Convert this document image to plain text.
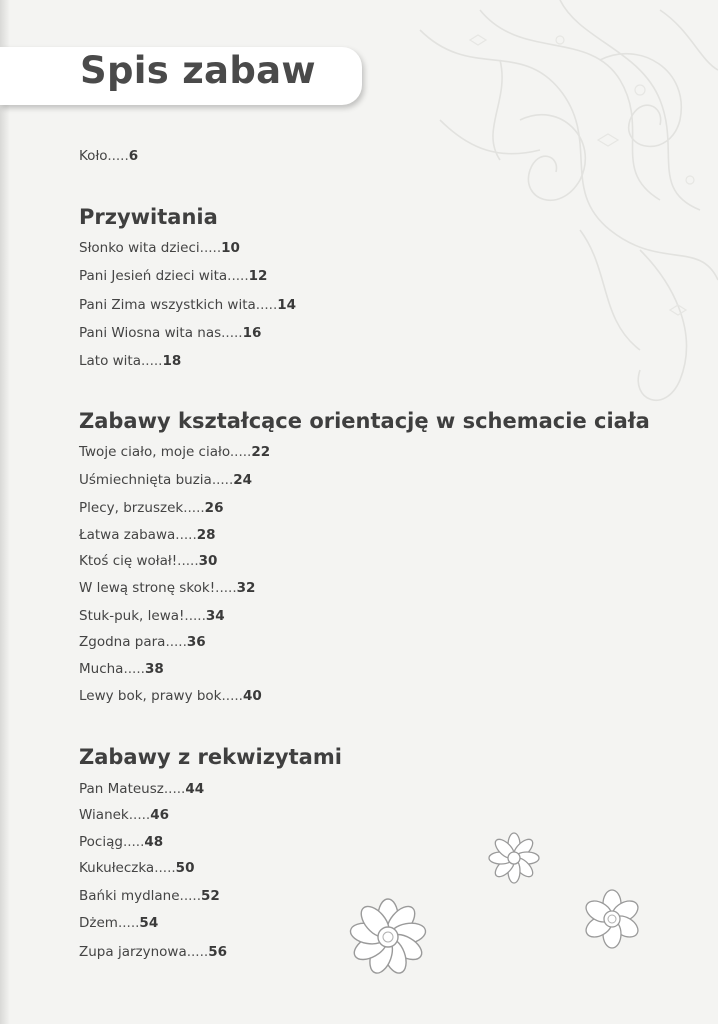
Spis zabaw
Koło.....6
Przywitania
Słonko wita dzieci.....10
Pani Jesień dzieci wita.....12
Pani Zima wszystkich wita.....14
Pani Wiosna wita nas.....16
Lato wita.....18
Zabawy kształcące orientację w schemacie ciała
Twoje ciało, moje ciało.....22
Uśmiechnięta buzia.....24
Plecy, brzuszek.....26
Łatwa zabawa.....28
Ktoś cię wołał!.....30
W lewą stronę skok!.....32
Stuk-puk, lewa!.....34
Zgodna para.....36
Mucha.....38
Lewy bok, prawy bok.....40
Zabawy z rekwizytami
Pan Mateusz.....44
Wianek.....46
Pociąg.....48
Kukułeczka.....50
Bańki mydlane.....52
Dżem.....54
Zupa jarzynowa.....56
